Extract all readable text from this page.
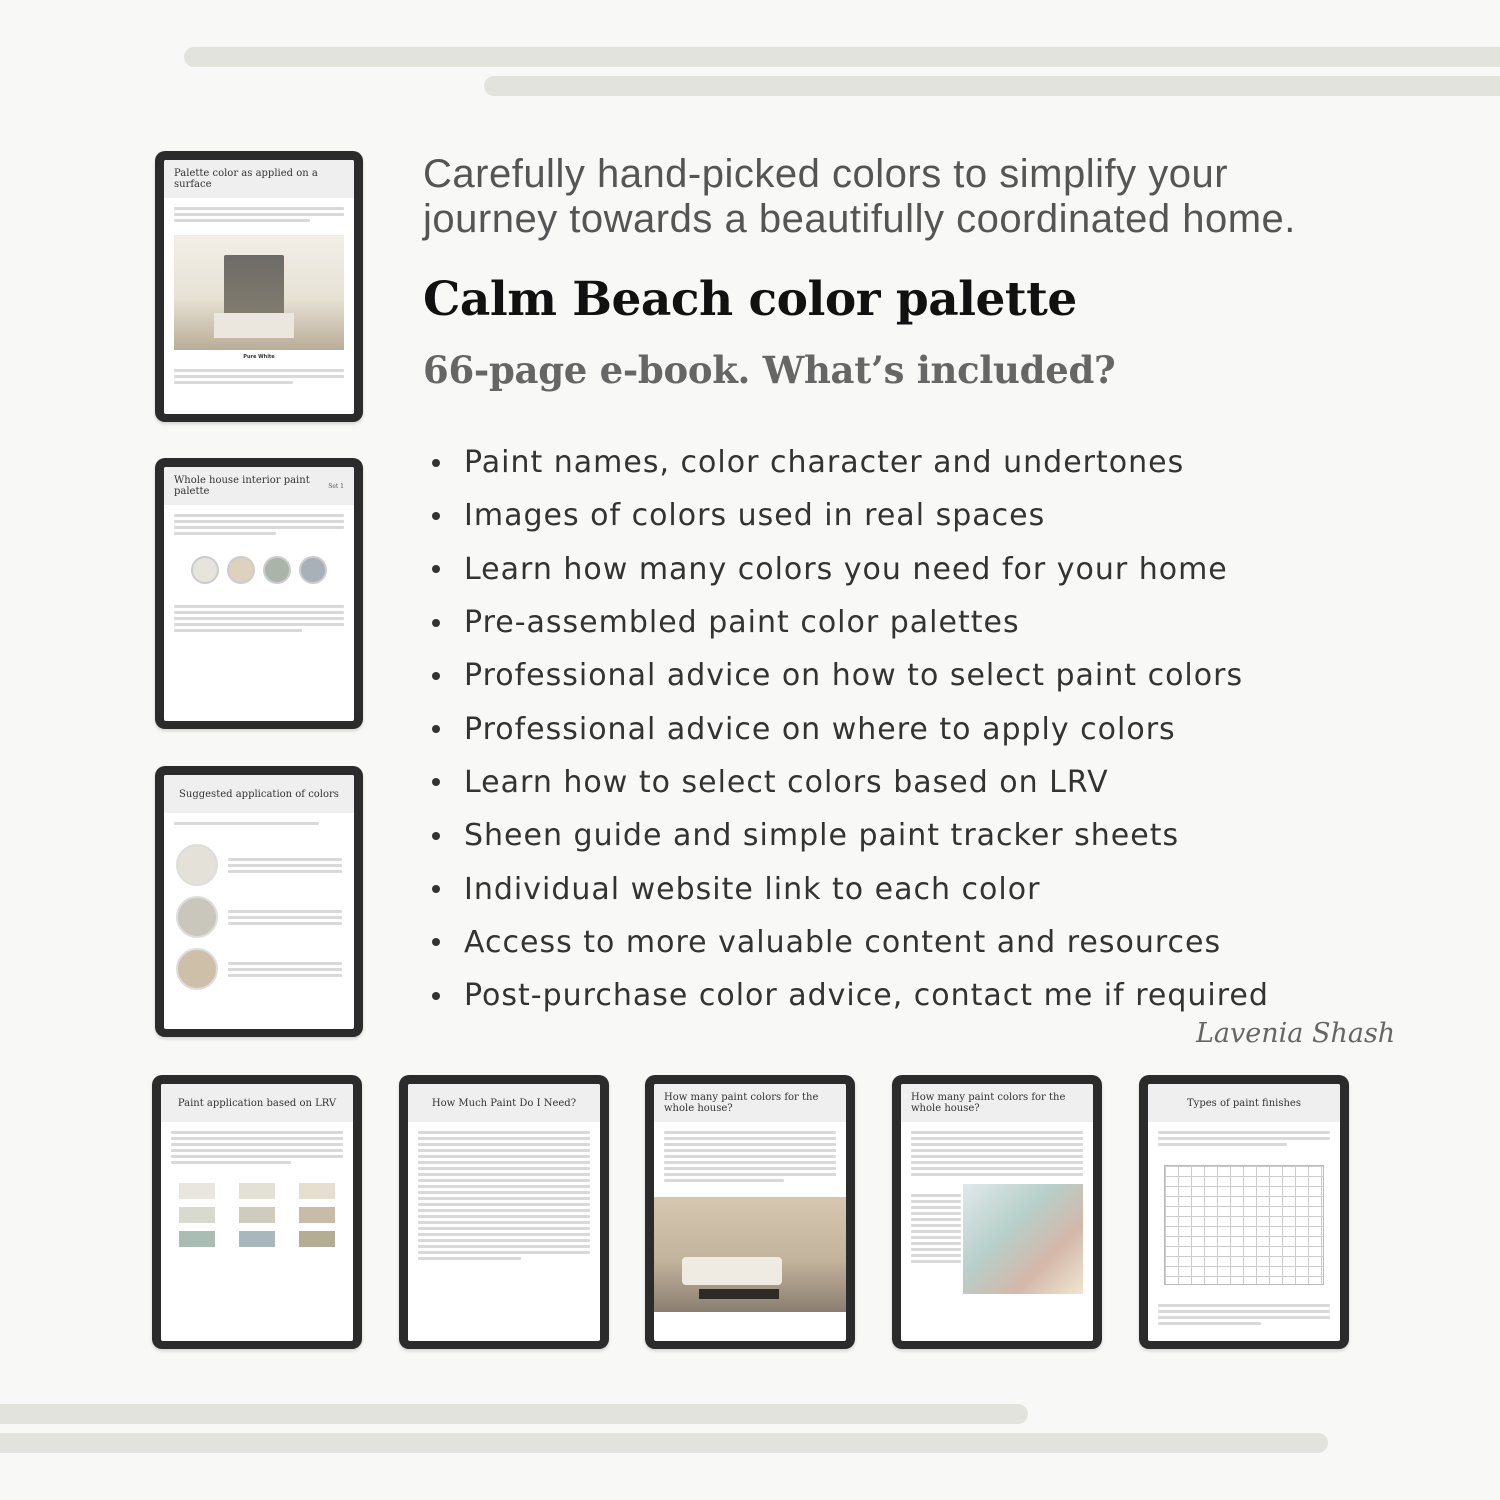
Carefully hand-picked colors to simplify your
journey towards a beautifully coordinated home.
Calm Beach color palette
66-page e-book. What’s included?
Paint names, color character and undertones
Images of colors used in real spaces
Learn how many colors you need for your home
Pre-assembled paint color palettes
Professional advice on how to select paint colors
Professional advice on where to apply colors
Learn how to select colors based on LRV
Sheen guide and simple paint tracker sheets
Individual website link to each color
Access to more valuable content and resources
Post-purchase color advice, contact me if required
Lavenia Shash
Palette color as applied on a surface
Pure White
Whole house interior paint palette	Set 1
Suggested application of colors
Paint application based on LRV	How Much Paint Do I Need?	How many paint colors for the whole house?
How many paint colors for the whole house?	Types of paint finishes
